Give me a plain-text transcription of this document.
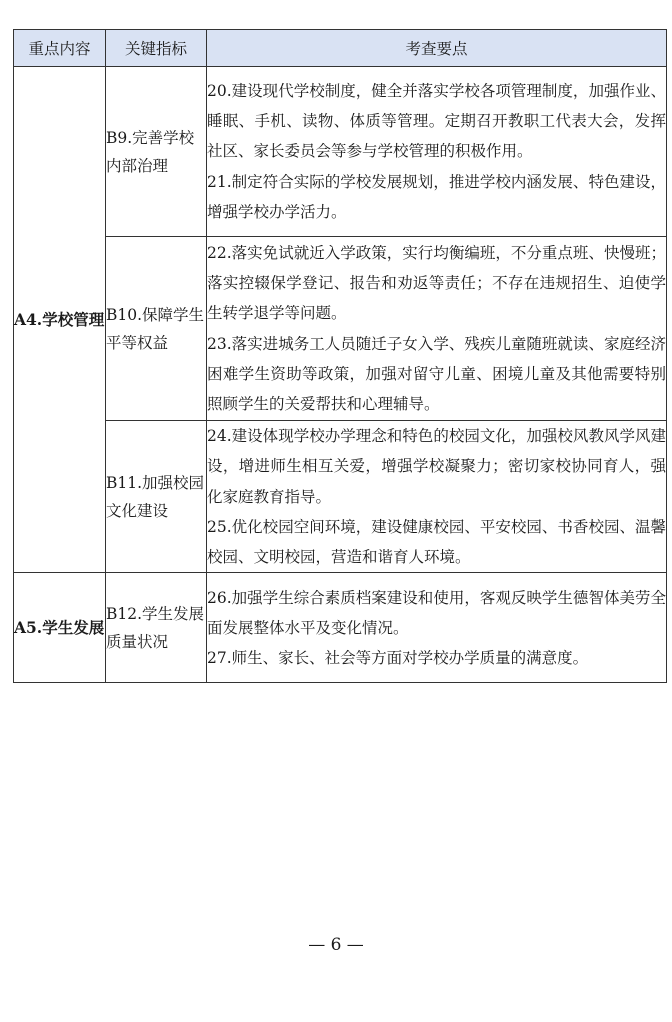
重点内容	关键指标	考查要点
A4.学校管理	B9.完善学校内部治理	20.建设现代学校制度，健全并落实学校各项管理制度，加强作业、睡眠、手机、读物、体质等管理。定期召开教职工代表大会，发挥社区、家长委员会等参与学校管理的积极作用。

21.制定符合实际的学校发展规划，推进学校内涵发展、特色建设，增强学校办学活力。

	B10.保障学生平等权益	22.落实免试就近入学政策，实行均衡编班，不分重点班、快慢班；落实控辍保学登记、报告和劝返等责任；不存在违规招生、迫使学生转学退学等问题。

23.落实进城务工人员随迁子女入学、残疾儿童随班就读、家庭经济困难学生资助等政策，加强对留守儿童、困境儿童及其他需要特别照顾学生的关爱帮扶和心理辅导。

	B11.加强校园文化建设	24.建设体现学校办学理念和特色的校园文化，加强校风教风学风建设，增进师生相互关爱，增强学校凝聚力；密切家校协同育人，强化家庭教育指导。

25.优化校园空间环境，建设健康校园、平安校园、书香校园、温馨校园、文明校园，营造和谐育人环境。

A5.学生发展	B12.学生发展质量状况	26.加强学生综合素质档案建设和使用，客观反映学生德智体美劳全面发展整体水平及变化情况。

27.师生、家长、社会等方面对学校办学质量的满意度。

— 6 —
